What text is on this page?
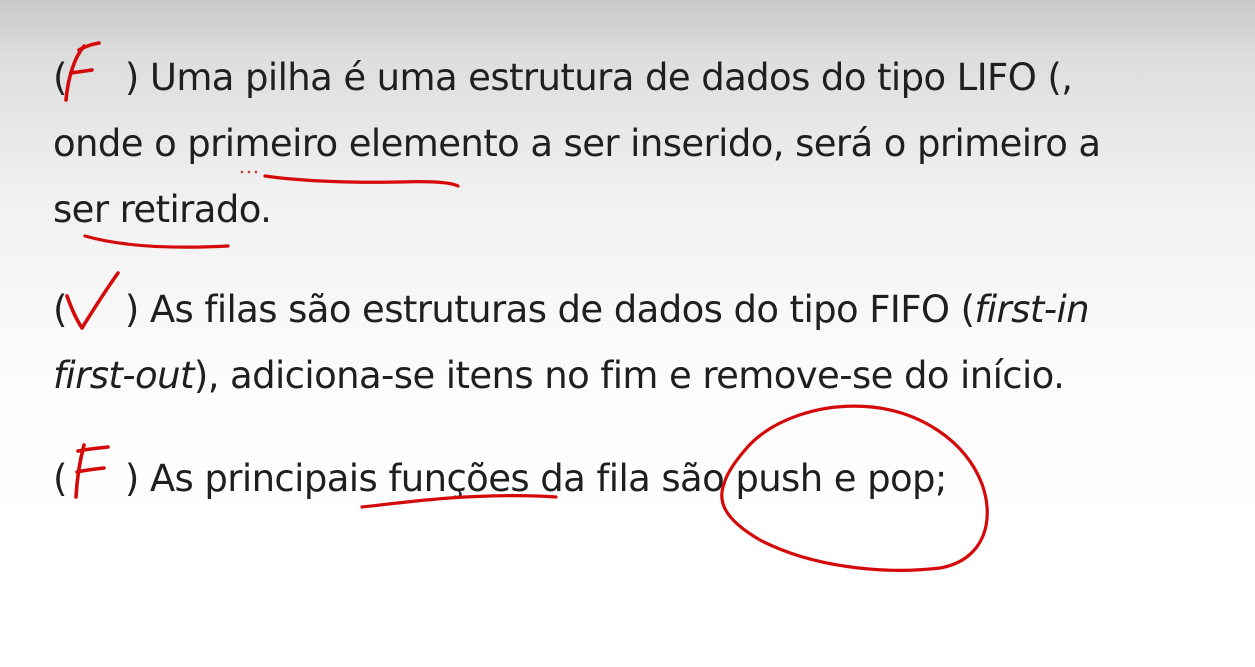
( ) Uma pilha é uma estrutura de dados do tipo LIFO (,
onde o primeiro elemento a ser inserido, será o primeiro a
ser retirado.
( ) As filas são estruturas de dados do tipo FIFO (first-in
first-out), adiciona-se itens no fim e remove-se do início.
( ) As principais funções da fila são push e pop;
